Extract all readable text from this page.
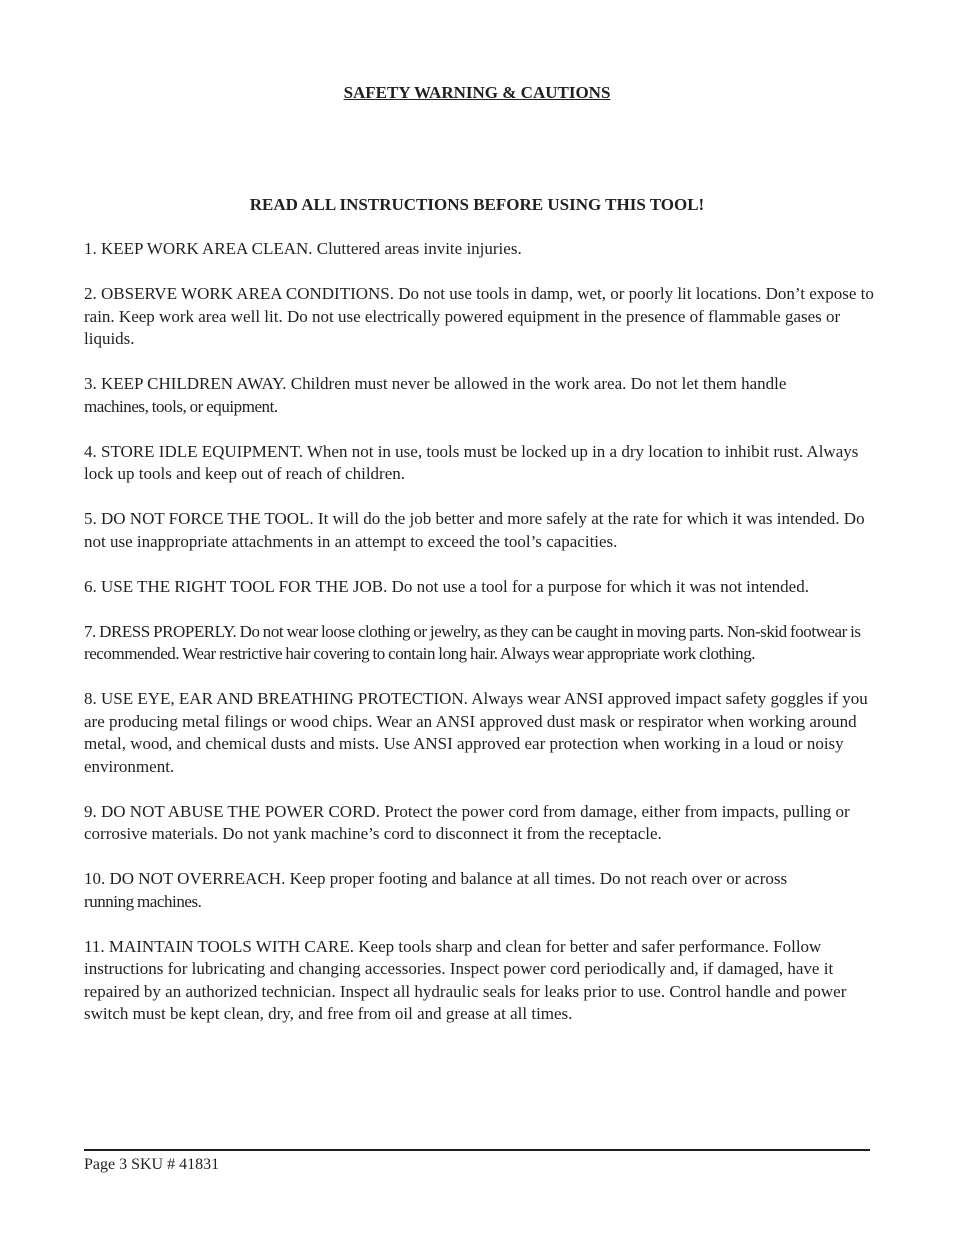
SAFETY WARNING & CAUTIONS
READ ALL INSTRUCTIONS BEFORE USING THIS TOOL!

1. KEEP WORK AREA CLEAN. Cluttered areas invite injuries.

2. OBSERVE WORK AREA CONDITIONS. Do not use tools in damp, wet, or poorly lit locations. Don’t expose to rain. Keep work area well lit. Do not use electrically powered equipment in the presence of flammable gases or liquids.

3. KEEP CHILDREN AWAY. Children must never be allowed in the work area. Do not let them handle
machines, tools, or equipment.

4. STORE IDLE EQUIPMENT. When not in use, tools must be locked up in a dry location to inhibit rust. Always lock up tools and keep out of reach of children.

5. DO NOT FORCE THE TOOL. It will do the job better and more safely at the rate for which it was intended. Do not use inappropriate attachments in an attempt to exceed the tool’s capacities.

6. USE THE RIGHT TOOL FOR THE JOB. Do not use a tool for a purpose for which it was not intended.

7. DRESS PROPERLY. Do not wear loose clothing or jewelry, as they can be caught in moving parts. Non-skid footwear is recommended. Wear restrictive hair covering to contain long hair. Always wear appropriate work clothing.

8. USE EYE, EAR AND BREATHING PROTECTION. Always wear ANSI approved impact safety goggles if you are producing metal filings or wood chips. Wear an ANSI approved dust mask or respirator when working around metal, wood, and chemical dusts and mists. Use ANSI approved ear protection when working in a loud or noisy environment.

9. DO NOT ABUSE THE POWER CORD. Protect the power cord from damage, either from impacts, pulling or corrosive materials. Do not yank machine’s cord to disconnect it from the receptacle.

10. DO NOT OVERREACH. Keep proper footing and balance at all times. Do not reach over or across
running machines.

11. MAINTAIN TOOLS WITH CARE. Keep tools sharp and clean for better and safer performance. Follow instructions for lubricating and changing accessories. Inspect power cord periodically and, if damaged, have it repaired by an authorized technician. Inspect all hydraulic seals for leaks prior to use. Control handle and power switch must be kept clean, dry, and free from oil and grease at all times.

Page 3 SKU # 41831
